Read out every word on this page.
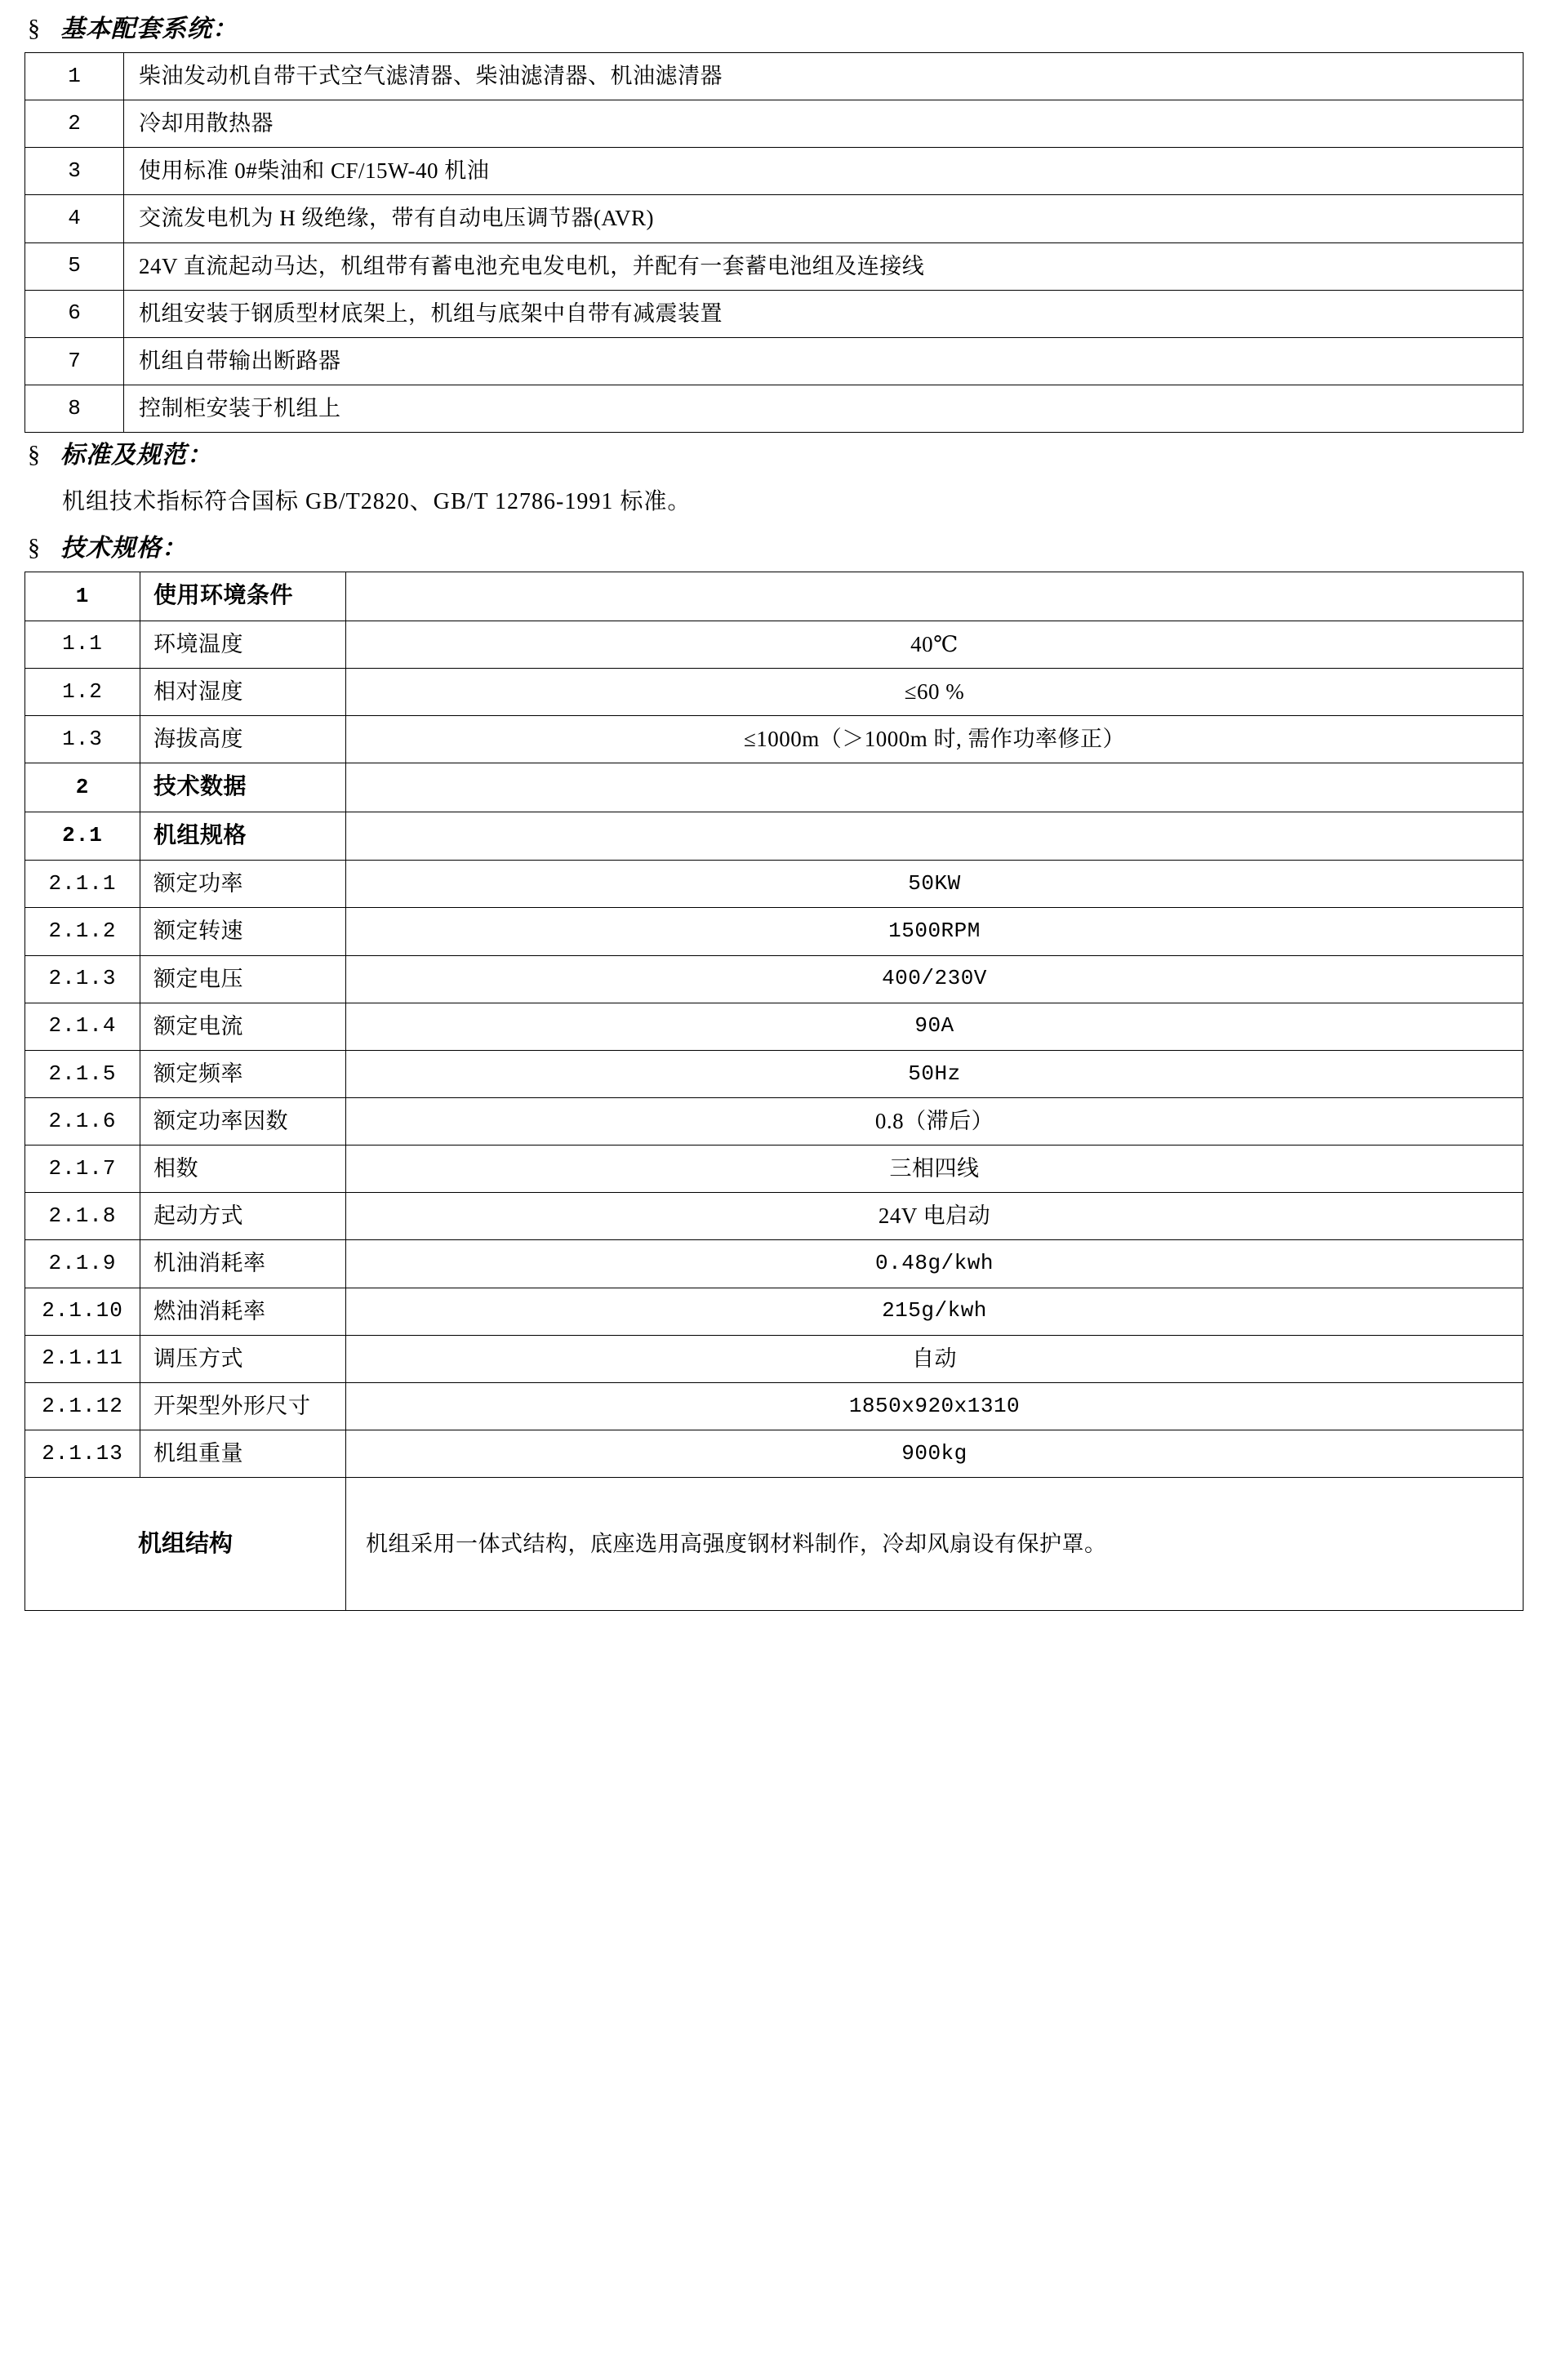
§ 基本配套系统：
1	柴油发动机自带干式空气滤清器、柴油滤清器、机油滤清器
2	冷却用散热器
3	使用标准 0#柴油和 CF/15W-40 机油
4	交流发电机为 H 级绝缘，带有自动电压调节器(AVR)
5	24V 直流起动马达，机组带有蓄电池充电发电机，并配有一套蓄电池组及连接线
6	机组安装于钢质型材底架上，机组与底架中自带有减震装置
7	机组自带输出断路器
8	控制柜安装于机组上
§ 标准及规范：
机组技术指标符合国标 GB/T2820、GB/T 12786-1991 标准。
§ 技术规格：
1	使用环境条件	
1.1	环境温度	40℃
1.2	相对湿度	≤60 %
1.3	海拔高度	≤1000m（＞1000m 时, 需作功率修正）
2	技术数据	
2.1	机组规格	
2.1.1	额定功率	50KW
2.1.2	额定转速	1500RPM
2.1.3	额定电压	400/230V
2.1.4	额定电流	90A
2.1.5	额定频率	50Hz
2.1.6	额定功率因数	0.8（滞后）
2.1.7	相数	三相四线
2.1.8	起动方式	24V 电启动
2.1.9	机油消耗率	0.48g/kwh
2.1.10	燃油消耗率	215g/kwh
2.1.11	调压方式	自动
2.1.12	开架型外形尺寸	1850x920x1310
2.1.13	机组重量	900kg
机组结构		机组采用一体式结构，底座选用高强度钢材料制作，冷却风扇设有保护罩。
